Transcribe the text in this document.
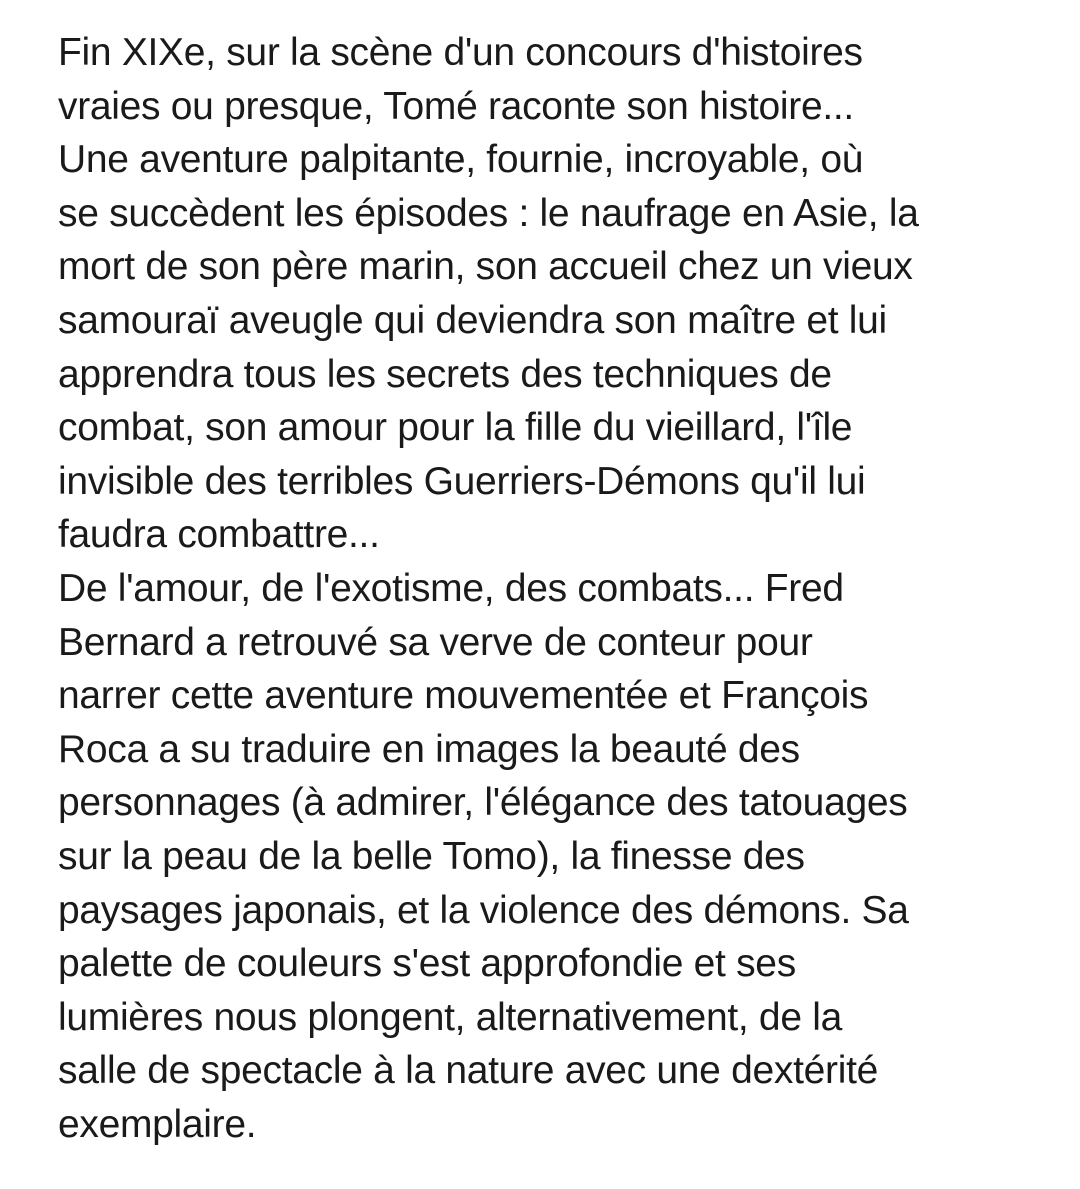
Fin XIXe, sur la scène d'un concours d'histoires
vraies ou presque, Tomé raconte son histoire...
Une aventure palpitante, fournie, incroyable, où
se succèdent les épisodes : le naufrage en Asie, la
mort de son père marin, son accueil chez un vieux
samouraï aveugle qui deviendra son maître et lui
apprendra tous les secrets des techniques de
combat, son amour pour la fille du vieillard, l'île
invisible des terribles Guerriers-Démons qu'il lui
faudra combattre...
De l'amour, de l'exotisme, des combats... Fred
Bernard a retrouvé sa verve de conteur pour
narrer cette aventure mouvementée et François
Roca a su traduire en images la beauté des
personnages (à admirer, l'élégance des tatouages
sur la peau de la belle Tomo), la finesse des
paysages japonais, et la violence des démons. Sa
palette de couleurs s'est approfondie et ses
lumières nous plongent, alternativement, de la
salle de spectacle à la nature avec une dextérité
exemplaire.
